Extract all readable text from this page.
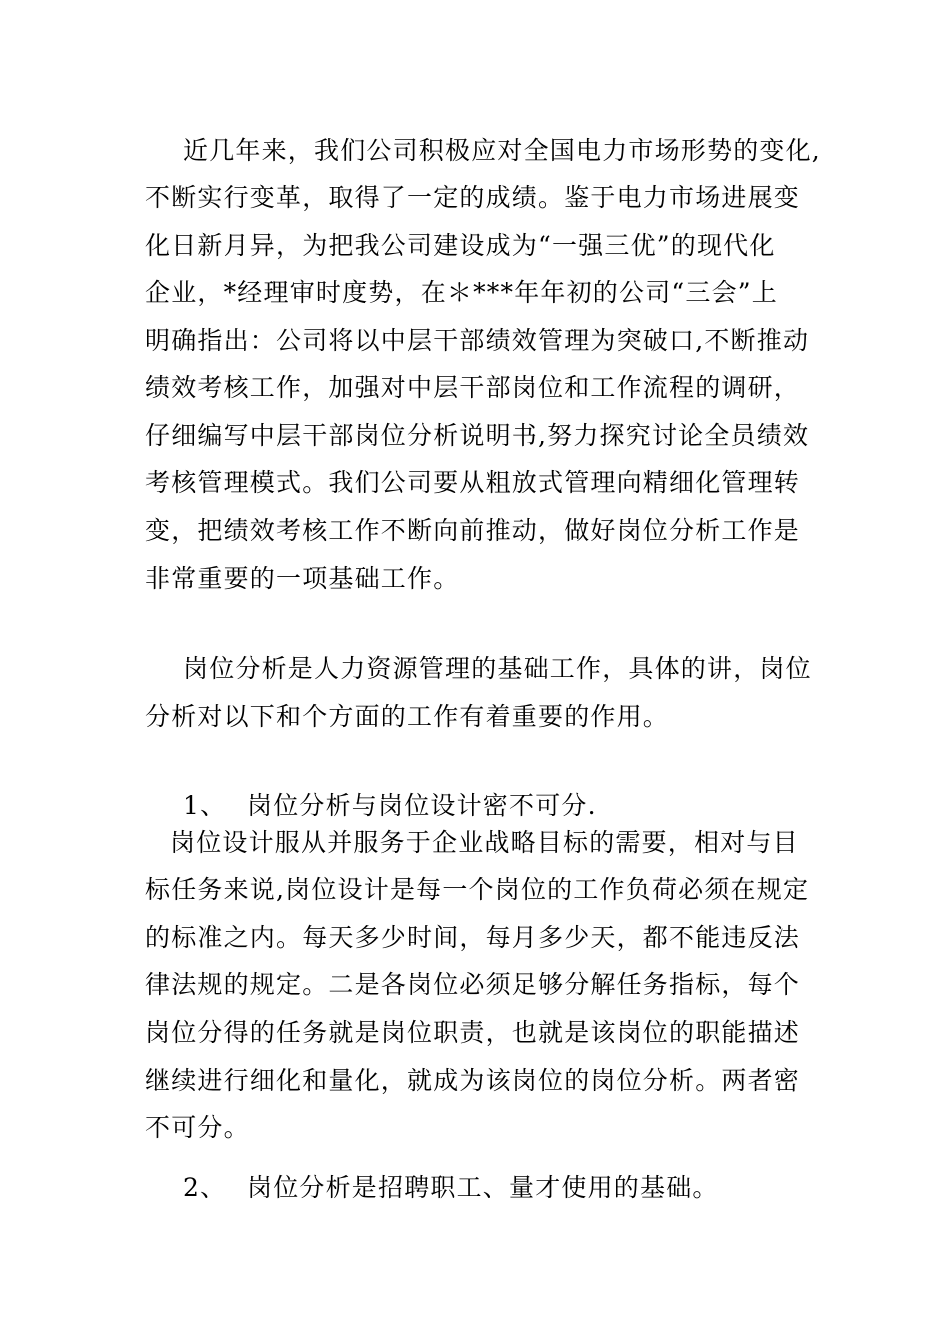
近几年来，我们公司积极应对全国电力市场形势的变化,

不断实行变革，取得了一定的成绩。鉴于电力市场进展变

化日新月异，为把我公司建设成为“一强三优”的现代化

企业，*经理审时度势，在＊***年年初的公司“三会”上

明确指出：公司将以中层干部绩效管理为突破口,不断推动

绩效考核工作，加强对中层干部岗位和工作流程的调研，

仔细编写中层干部岗位分析说明书,努力探究讨论全员绩效

考核管理模式。我们公司要从粗放式管理向精细化管理转

变，把绩效考核工作不断向前推动，做好岗位分析工作是

非常重要的一项基础工作。

岗位分析是人力资源管理的基础工作，具体的讲，岗位

分析对以下和个方面的工作有着重要的作用。

1、 岗位分析与岗位设计密不可分.

岗位设计服从并服务于企业战略目标的需要，相对与目

标任务来说,岗位设计是每一个岗位的工作负荷必须在规定

的标准之内。每天多少时间，每月多少天，都不能违反法

律法规的规定。二是各岗位必须足够分解任务指标，每个

岗位分得的任务就是岗位职责，也就是该岗位的职能描述

继续进行细化和量化，就成为该岗位的岗位分析。两者密

不可分。

2、 岗位分析是招聘职工、量才使用的基础。
